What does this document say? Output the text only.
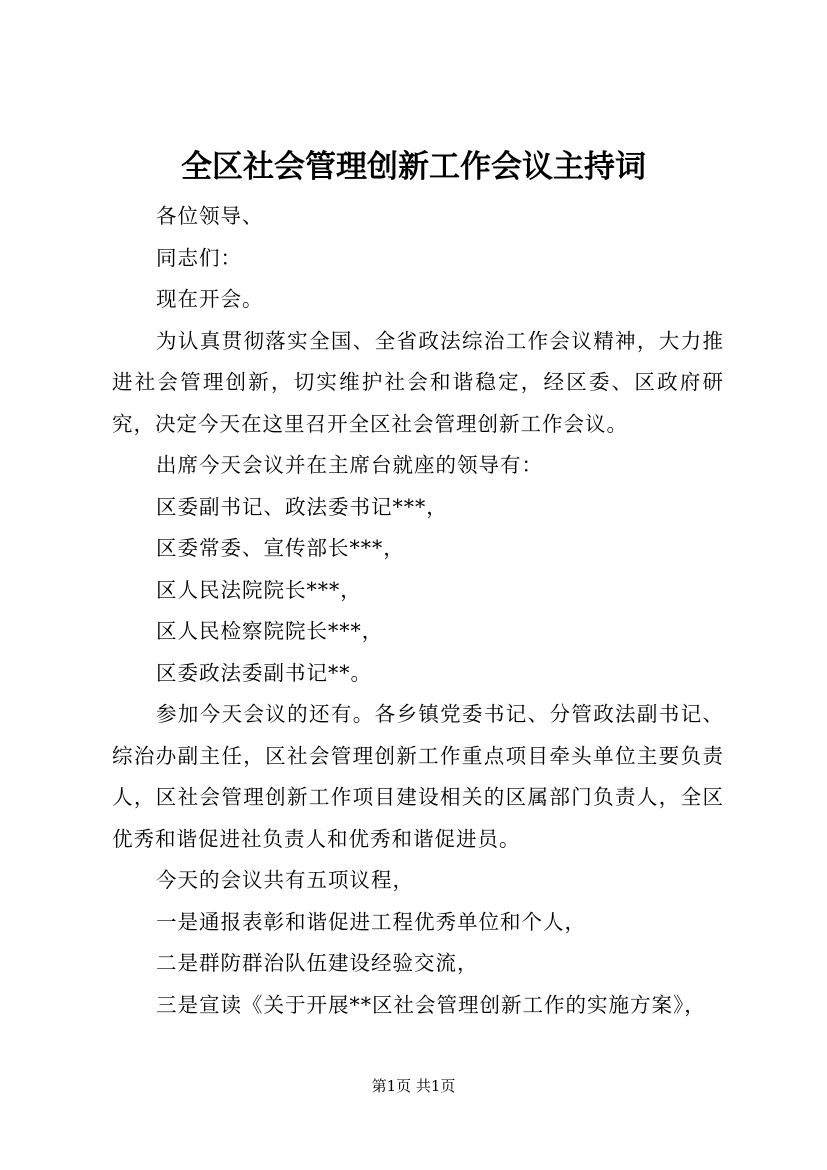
全区社会管理创新工作会议主持词

各位领导、

同志们：

现在开会。

为认真贯彻落实全国、全省政法综治工作会议精神，大力推进社会管理创新，切实维护社会和谐稳定，经区委、区政府研究，决定今天在这里召开全区社会管理创新工作会议。

出席今天会议并在主席台就座的领导有：

区委副书记、政法委书记***，

区委常委、宣传部长***，

区人民法院院长***，

区人民检察院院长***，

区委政法委副书记**。

参加今天会议的还有。各乡镇党委书记、分管政法副书记、综治办副主任，区社会管理创新工作重点项目牵头单位主要负责人，区社会管理创新工作项目建设相关的区属部门负责人，全区优秀和谐促进社负责人和优秀和谐促进员。

今天的会议共有五项议程，

一是通报表彰和谐促进工程优秀单位和个人，

二是群防群治队伍建设经验交流，

三是宣读《关于开展**区社会管理创新工作的实施方案》，

第1页 共1页
